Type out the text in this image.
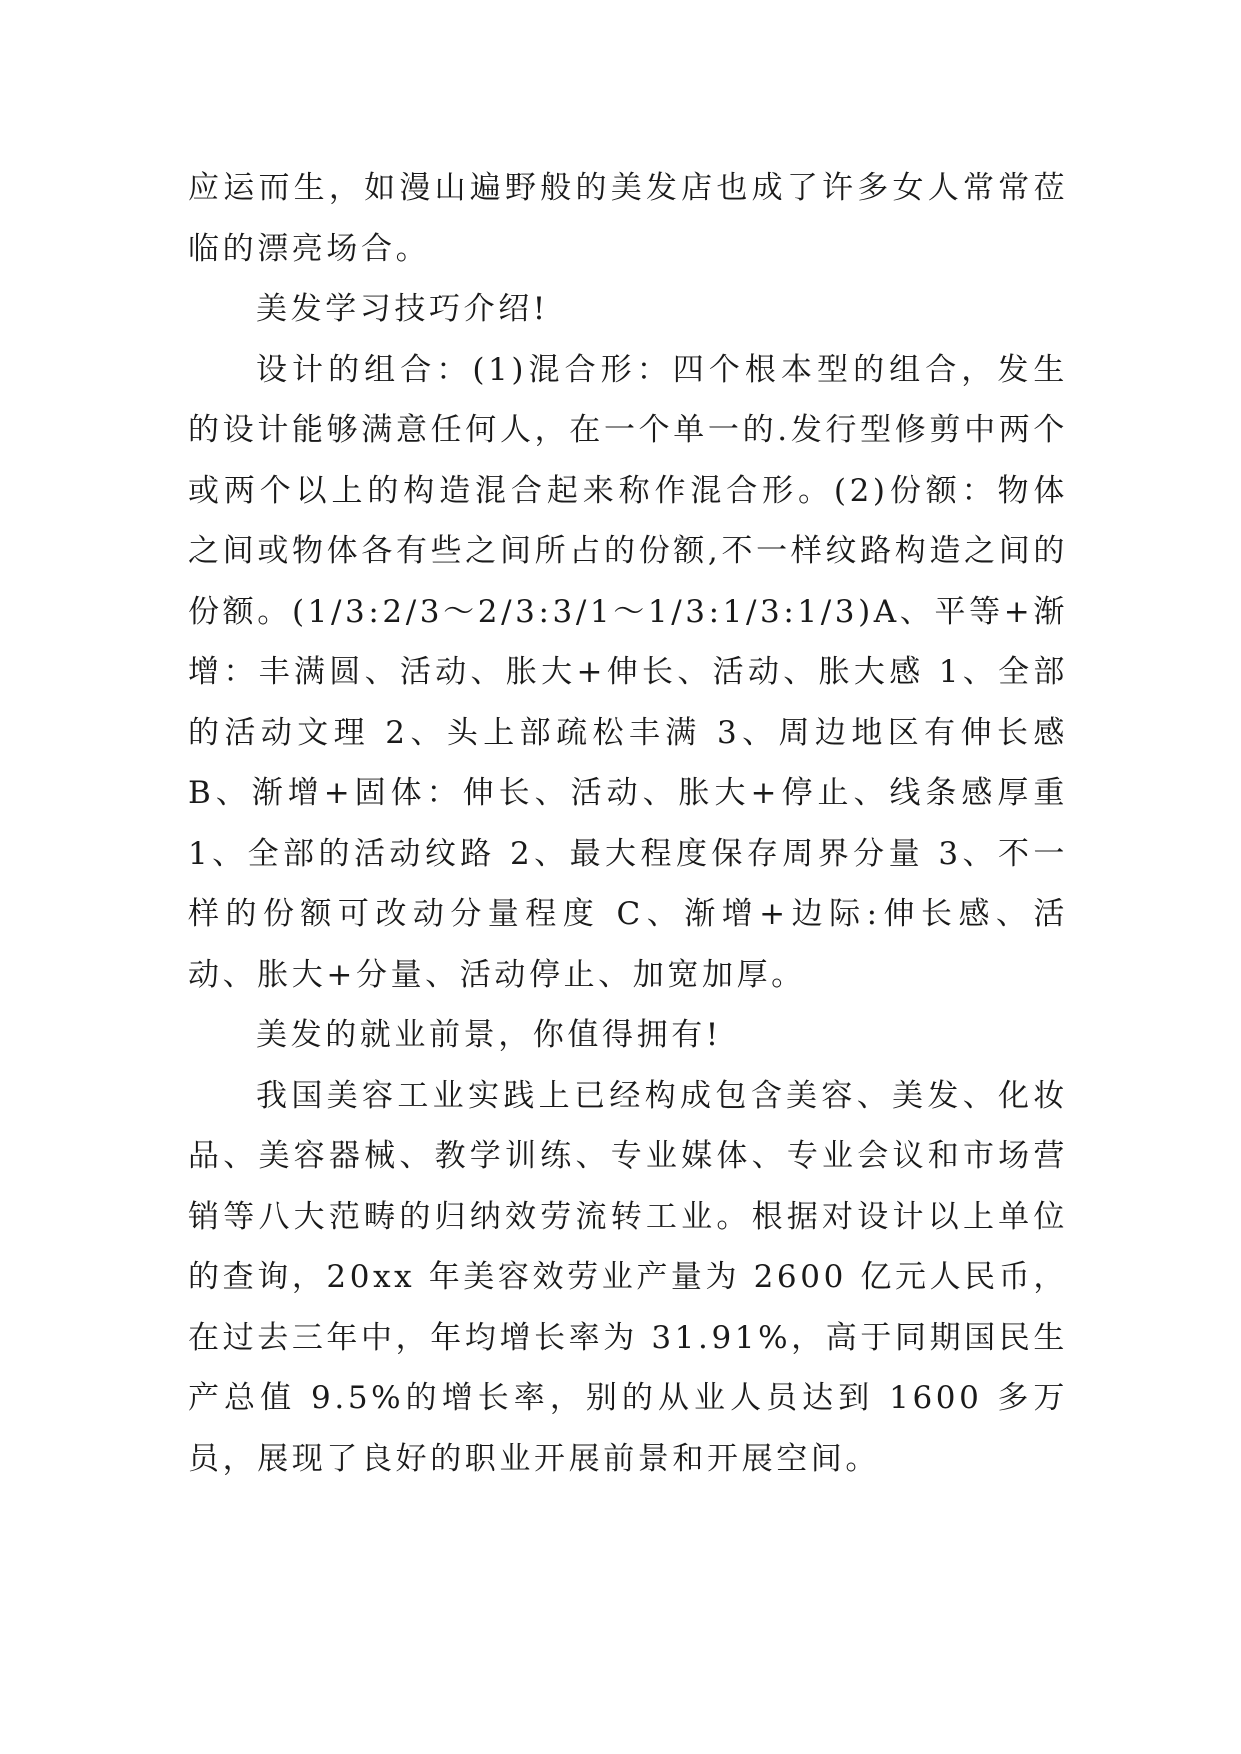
应运而生，如漫山遍野般的美发店也成了许多女人常常莅临的漂亮场合。

美发学习技巧介绍!

设计的组合：(1)混合形：四个根本型的组合，发生的设计能够满意任何人，在一个单一的.发行型修剪中两个或两个以上的构造混合起来称作混合形。(2)份额：物体之间或物体各有些之间所占的份额,不一样纹路构造之间的份额。(1/3:2/3～2/3:3/1～1/3:1/3:1/3)A、平等+渐增：丰满圆、活动、胀大+伸长、活动、胀大感 1、全部的活动文理 2、头上部疏松丰满 3、周边地区有伸长感 B、渐增+固体：伸长、活动、胀大+停止、线条感厚重 1、全部的活动纹路 2、最大程度保存周界分量 3、不一样的份额可改动分量程度 C、渐增+边际:伸长感、活动、胀大+分量、活动停止、加宽加厚。

美发的就业前景，你值得拥有!

我国美容工业实践上已经构成包含美容、美发、化妆品、美容器械、教学训练、专业媒体、专业会议和市场营销等八大范畴的归纳效劳流转工业。根据对设计以上单位的查询，20xx 年美容效劳业产量为 2600 亿元人民币，在过去三年中，年均增长率为 31.91%，高于同期国民生产总值 9.5%的增长率，别的从业人员达到 1600 多万员，展现了良好的职业开展前景和开展空间。
